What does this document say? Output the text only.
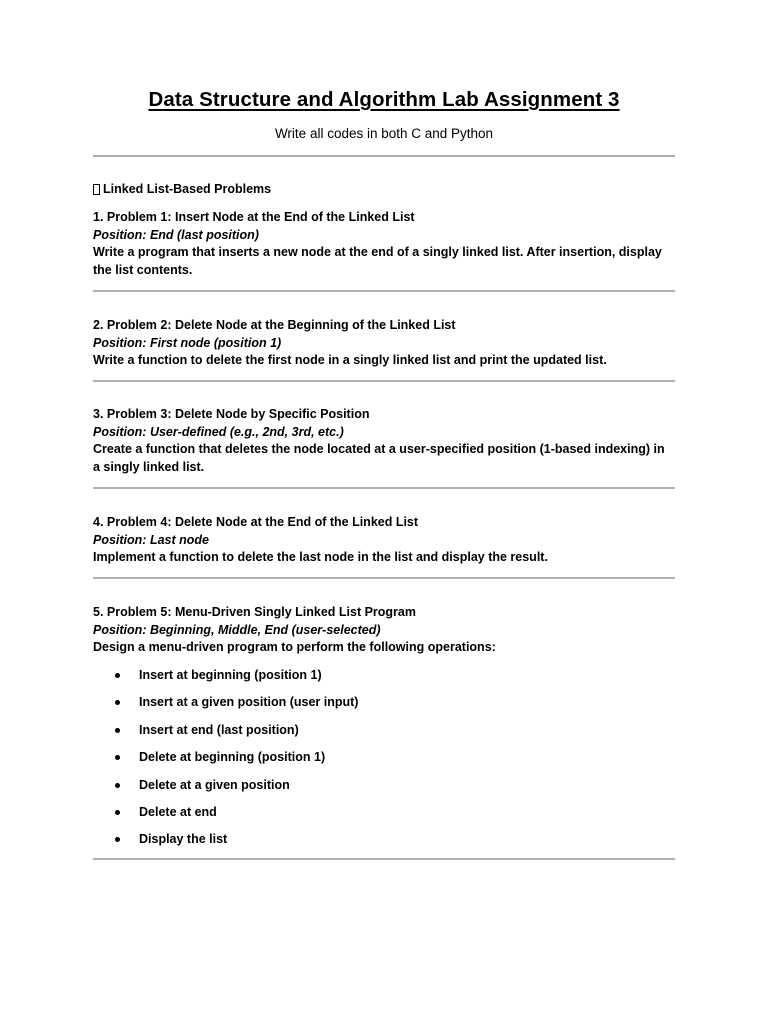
Data Structure and Algorithm Lab Assignment 3
Write all codes in both C and Python
Linked List-Based Problems
1. Problem 1: Insert Node at the End of the Linked List
Position: End (last position)
Write a program that inserts a new node at the end of a singly linked list. After insertion, display the list contents.
2. Problem 2: Delete Node at the Beginning of the Linked List
Position: First node (position 1)
Write a function to delete the first node in a singly linked list and print the updated list.
3. Problem 3: Delete Node by Specific Position
Position: User-defined (e.g., 2nd, 3rd, etc.)
Create a function that deletes the node located at a user-specified position (1-based indexing) in a singly linked list.
4. Problem 4: Delete Node at the End of the Linked List
Position: Last node
Implement a function to delete the last node in the list and display the result.
5. Problem 5: Menu-Driven Singly Linked List Program
Position: Beginning, Middle, End (user-selected)
Design a menu-driven program to perform the following operations:
Insert at beginning (position 1)
Insert at a given position (user input)
Insert at end (last position)
Delete at beginning (position 1)
Delete at a given position
Delete at end
Display the list
